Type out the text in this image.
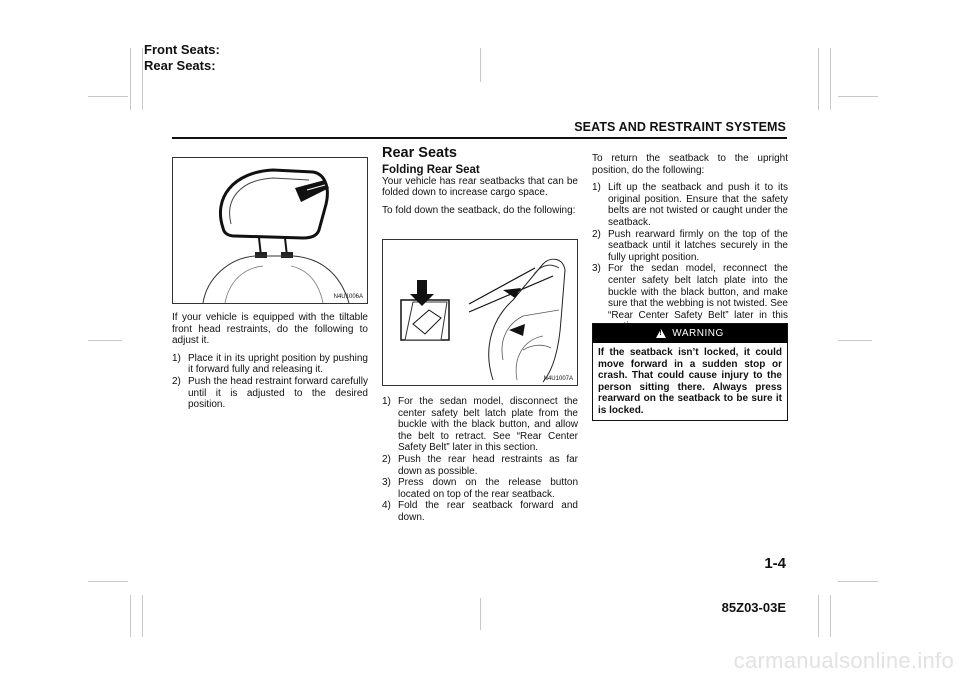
Front Seats:
Rear Seats:
SEATS AND RESTRAINT SYSTEMS
N4U1006A

If your vehicle is equipped with the tiltable front head restraints, do the following to adjust it.

1) Place it in its upright position by pushing it forward fully and releasing it.
2) Push the head restraint forward carefully until it is adjusted to the desired position.
Rear Seats
Folding Rear Seat

Your vehicle has rear seatbacks that can be folded down to increase cargo space.

To fold down the seatback, do the following:

N4U1007A
1) For the sedan model, disconnect the center safety belt latch plate from the buckle with the black button, and allow the belt to retract. See “Rear Center Safety Belt” later in this section.
2) Push the rear head restraints as far down as possible.
3) Press down on the release button located on top of the rear seatback.
4) Fold the rear seatback forward and down.

To return the seatback to the upright position, do the following:

1) Lift up the seatback and push it to its original position. Ensure that the safety belts are not twisted or caught under the seatback.
2) Push rearward firmly on the top of the seatback until it latches securely in the fully upright position.
3) For the sedan model, reconnect the center safety belt latch plate into the buckle with the black button, and make sure that the webbing is not twisted. See “Rear Center Safety Belt” later in this
!
WARNING
If the seatback isn’t locked, it could move forward in a sudden stop or crash. That could cause injury to the person sitting there. Always press rearward on the seatback to be sure it is locked.
1-4
85Z03-03E
carmanualsonline.info
